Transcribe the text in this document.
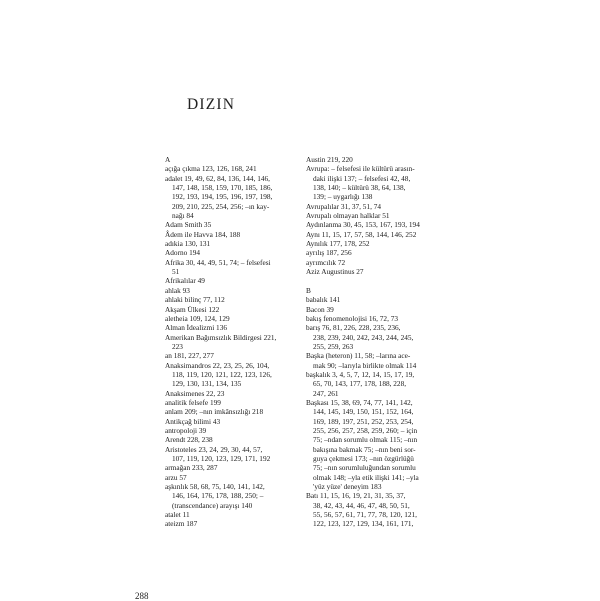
DIZIN
A
açığa çıkma 123, 126, 168, 241
adalet 19, 49, 62, 84, 136, 144, 146,
147, 148, 158, 159, 170, 185, 186,
192, 193, 194, 195, 196, 197, 198,
209, 210, 225, 254, 256; –ın kay-
nağı 84
Adam Smith 35
Âdem ile Havva 184, 188
adıkia 130, 131
Adorno 194
Afrika 30, 44, 49, 51, 74; – felsefesi
51
Afrikalılar 49
ahlak 93
ahlaki bilinç 77, 112
Akşam Ülkesi 122
aletheia 109, 124, 129
Alman İdealizmi 136
Amerikan Bağımsızlık Bildirgesi 221,
223
an 181, 227, 277
Anaksimandros 22, 23, 25, 26, 104,
118, 119, 120, 121, 122, 123, 126,
129, 130, 131, 134, 135
Anaksimenes 22, 23
analitik felsefe 199
anlam 209; –nın imkânsızlığı 218
Antikçağ bilimi 43
antropoloji 39
Arendt 228, 238
Aristoteles 23, 24, 29, 30, 44, 57,
107, 119, 120, 123, 129, 171, 192
armağan 233, 287
arzu 57
aşkınlık 58, 68, 75, 140, 141, 142,
146, 164, 176, 178, 188, 250; –
(transcendance) arayışı 140
atalet 11
ateizm 187
Austin 219, 220
Avrupa: – felsefesi ile kültürü arasın-
daki ilişki 137; – felsefesi 42, 48,
138, 140; – kültürü 38, 64, 138,
139; – uygarlığı 138
Avrupalılar 31, 37, 51, 74
Avrupalı olmayan halklar 51
Aydınlanma 30, 45, 153, 167, 193, 194
Aynı 11, 15, 17, 57, 58, 144, 146, 252
Aynılık 177, 178, 252
ayrılış 187, 256
ayrımcılık 72
Aziz Augustinus 27
B
babalık 141
Bacon 39
bakış fenomenolojisi 16, 72, 73
barış 76, 81, 226, 228, 235, 236,
238, 239, 240, 242, 243, 244, 245,
255, 259, 263
Başka (heteron) 11, 58; –larına ace-
mak 90; –larıyla birlikte olmak 114
başkalık 3, 4, 5, 7, 12, 14, 15, 17, 19,
65, 70, 143, 177, 178, 188, 228,
247, 261
Başkası 15, 38, 69, 74, 77, 141, 142,
144, 145, 149, 150, 151, 152, 164,
169, 189, 197, 251, 252, 253, 254,
255, 256, 257, 258, 259, 260; – için
75; –ndan sorumlu olmak 115; –nın
bakışına bakmak 75; –nın beni sor-
guya çekmesi 173; –nın özgürlüğü
75; –nın sorumluluğundan sorumlu
olmak 148; –yla etik ilişki 141; –yla
'yüz yüze' deneyim 183
Batı 11, 15, 16, 19, 21, 31, 35, 37,
38, 42, 43, 44, 46, 47, 48, 50, 51,
55, 56, 57, 61, 71, 77, 78, 120, 121,
122, 123, 127, 129, 134, 161, 171,
288
